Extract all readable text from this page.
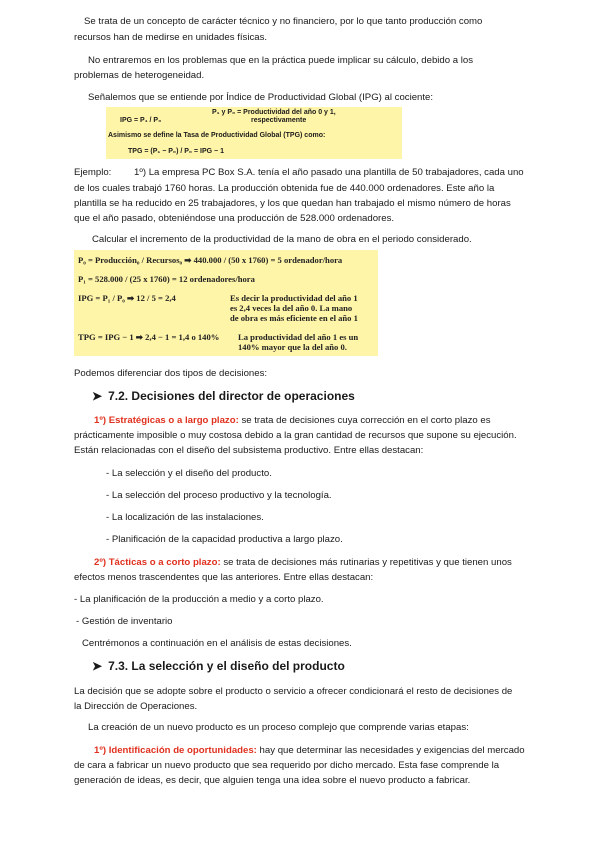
Se trata de un concepto de carácter técnico y no financiero, por lo que tanto producción como
recursos han de medirse en unidades físicas.
No entraremos en los problemas que en la práctica puede implicar su cálculo, debido a los
problemas de heterogeneidad.
Señalemos que se entiende por Índice de Productividad Global (IPG) al cociente:
P₁ y P₀ = Productividad del año 0 y 1,
IPG = P₁ / P₀	respectivamente
Asimismo se define la Tasa de Productividad Global (TPG) como:
TPG = (P₁ − P₀) / P₀ = IPG − 1
Ejemplo: 1º) La empresa PC Box S.A. tenía el año pasado una plantilla de 50 trabajadores, cada uno
de los cuales trabajó 1760 horas. La producción obtenida fue de 440.000 ordenadores. Este año la
plantilla se ha reducido en 25 trabajadores, y los que quedan han trabajado el mismo número de horas
que el año pasado, obteniéndose una producción de 528.000 ordenadores.
Calcular el incremento de la productividad de la mano de obra en el periodo considerado.
P₀ = Producción₀ / Recursos₀ ➡ 440.000 / (50 x 1760) = 5 ordenador/hora
P₁ = 528.000 / (25 x 1760) = 12 ordenadores/hora
IPG = P₁ / P₀ ➡ 12 / 5 = 2,4	Es decir la productividad del año 1
es 2,4 veces la del año 0. La mano
de obra es más eficiente en el año 1
TPG = IPG − 1 ➡ 2,4 − 1 = 1,4 o 140% La productividad del año 1 es un
140% mayor que la del año 0.
Podemos diferenciar dos tipos de decisiones:
➤ 7.2. Decisiones del director de operaciones
1º) Estratégicas o a largo plazo: se trata de decisiones cuya corrección en el corto plazo es
prácticamente imposible o muy costosa debido a la gran cantidad de recursos que supone su ejecución.
Están relacionadas con el diseño del subsistema productivo. Entre ellas destacan:
- La selección y el diseño del producto.
- La selección del proceso productivo y la tecnología.
- La localización de las instalaciones.
- Planificación de la capacidad productiva a largo plazo.
2º) Tácticas o a corto plazo: se trata de decisiones más rutinarias y repetitivas y que tienen unos
efectos menos trascendentes que las anteriores. Entre ellas destacan:
- La planificación de la producción a medio y a corto plazo.
- Gestión de inventario
Centrémonos a continuación en el análisis de estas decisiones.
➤ 7.3. La selección y el diseño del producto
La decisión que se adopte sobre el producto o servicio a ofrecer condicionará el resto de decisiones de
la Dirección de Operaciones.
La creación de un nuevo producto es un proceso complejo que comprende varias etapas:
1º) Identificación de oportunidades: hay que determinar las necesidades y exigencias del mercado
de cara a fabricar un nuevo producto que sea requerido por dicho mercado. Esta fase comprende la
generación de ideas, es decir, que alguien tenga una idea sobre el nuevo producto a fabricar.
